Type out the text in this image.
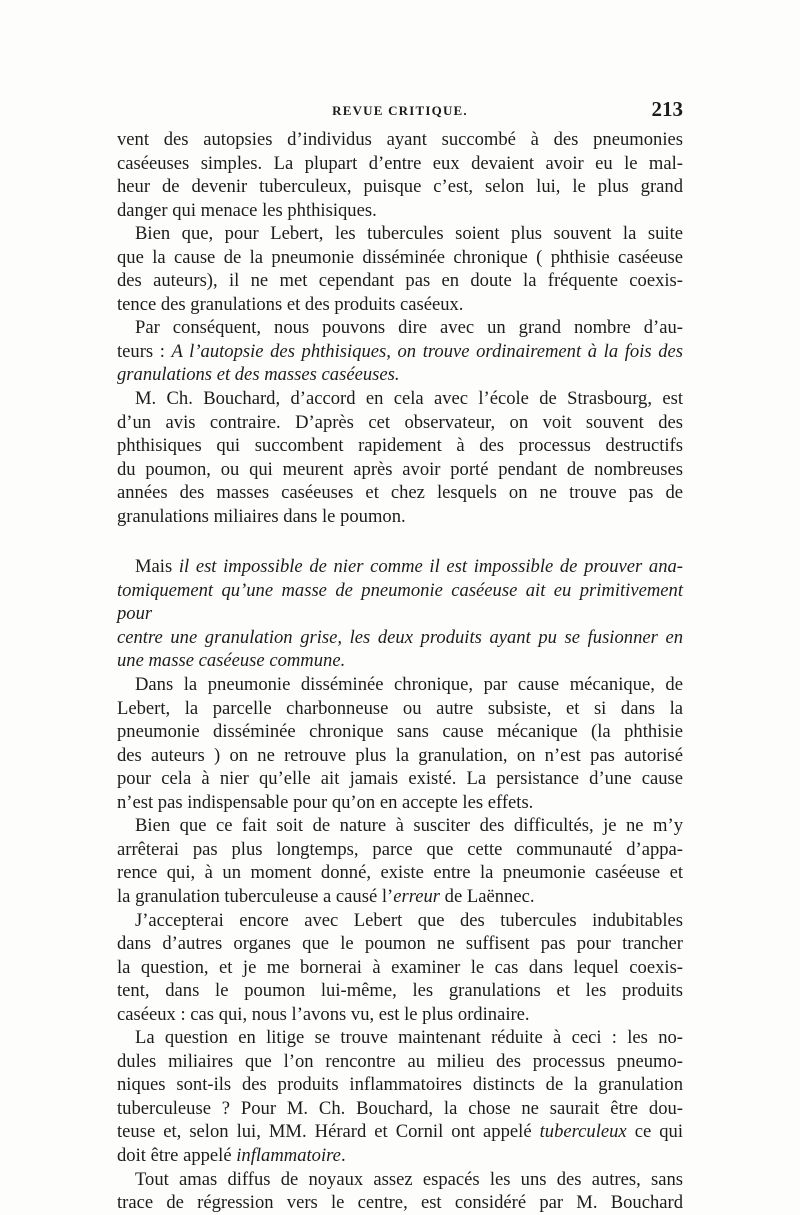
REVUE CRITIQUE.	213

vent des autopsies d’individus ayant succombé à des pneumonies

caséeuses simples. La plupart d’entre eux devaient avoir eu le mal-

heur de devenir tuberculeux, puisque c’est, selon lui, le plus grand

danger qui menace les phthisiques.

Bien que, pour Lebert, les tubercules soient plus souvent la suite

que la cause de la pneumonie disséminée chronique ( phthisie caséeuse

des auteurs), il ne met cependant pas en doute la fréquente coexis-

tence des granulations et des produits caséeux.

Par conséquent, nous pouvons dire avec un grand nombre d’au-

teurs : A l’autopsie des phthisiques, on trouve ordinairement à la fois des

granulations et des masses caséeuses.

M. Ch. Bouchard, d’accord en cela avec l’école de Strasbourg, est

d’un avis contraire. D’après cet observateur, on voit souvent des

phthisiques qui succombent rapidement à des processus destructifs

du poumon, ou qui meurent après avoir porté pendant de nombreuses

années des masses caséeuses et chez lesquels on ne trouve pas de

granulations miliaires dans le poumon.

Mais il est impossible de nier comme il est impossible de prouver ana-

tomiquement qu’une masse de pneumonie caséeuse ait eu primitivement pour

centre une granulation grise, les deux produits ayant pu se fusionner en

une masse caséeuse commune.

Dans la pneumonie disséminée chronique, par cause mécanique, de

Lebert, la parcelle charbonneuse ou autre subsiste, et si dans la

pneumonie disséminée chronique sans cause mécanique (la phthisie

des auteurs ) on ne retrouve plus la granulation, on n’est pas autorisé

pour cela à nier qu’elle ait jamais existé. La persistance d’une cause

n’est pas indispensable pour qu’on en accepte les effets.

Bien que ce fait soit de nature à susciter des difficultés, je ne m’y

arrêterai pas plus longtemps, parce que cette communauté d’appa-

rence qui, à un moment donné, existe entre la pneumonie caséeuse et

la granulation tuberculeuse a causé l’erreur de Laënnec.

J’accepterai encore avec Lebert que des tubercules indubitables

dans d’autres organes que le poumon ne suffisent pas pour trancher

la question, et je me bornerai à examiner le cas dans lequel coexis-

tent, dans le poumon lui-même, les granulations et les produits

caséeux : cas qui, nous l’avons vu, est le plus ordinaire.

La question en litige se trouve maintenant réduite à ceci : les no-

dules miliaires que l’on rencontre au milieu des processus pneumo-

niques sont-ils des produits inflammatoires distincts de la granulation

tuberculeuse ? Pour M. Ch. Bouchard, la chose ne saurait être dou-

teuse et, selon lui, MM. Hérard et Cornil ont appelé tuberculeux ce qui

doit être appelé inflammatoire.

Tout amas diffus de noyaux assez espacés les uns des autres, sans

trace de régression vers le centre, est considéré par M. Bouchard
